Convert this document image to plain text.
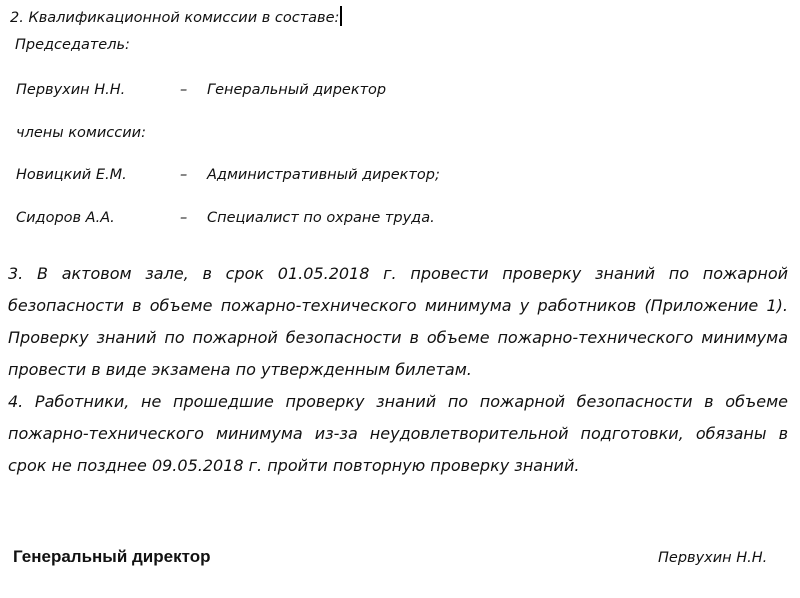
2. Квалификационной комиссии в составе:
Председатель:
Первухин Н.Н.	– Генеральный директор
члены комиссии:
Новицкий Е.М.	– Административный директор;
Сидоров А.А.	– Специалист по охране труда.
3. В актовом зале, в срок 01.05.2018 г. провести проверку знаний по пожарной
безопасности в объеме пожарно-технического минимума у работников (Приложение 1).
Проверку знаний по пожарной безопасности в объеме пожарно-технического минимума
провести в виде экзамена по утвержденным билетам.
4. Работники, не прошедшие проверку знаний по пожарной безопасности в объеме
пожарно-технического минимума из-за неудовлетворительной подготовки, обязаны в
срок не позднее 09.05.2018 г. пройти повторную проверку знаний.
Генеральный директор	Первухин Н.Н.
